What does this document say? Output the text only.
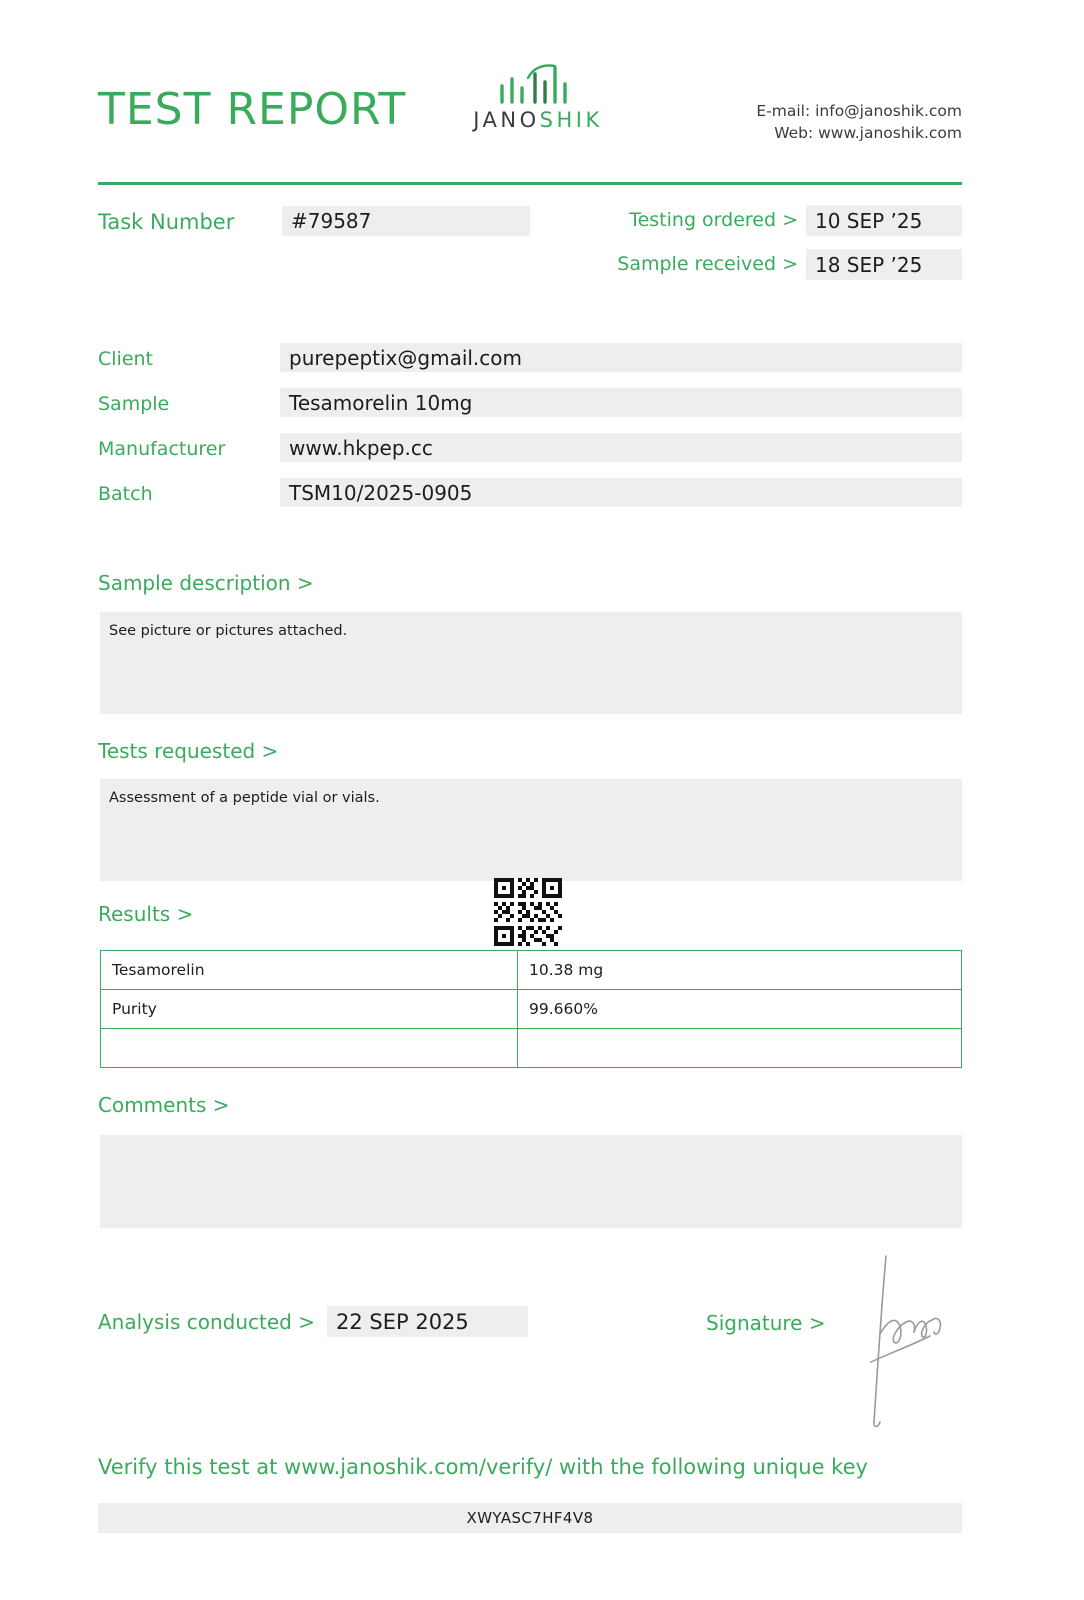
TEST REPORT	JANOSHIK	E-mail: info@janoshik.com
Web: www.janoshik.com
Task Number	#79587	Testing ordered > 10 SEP ’25
Sample received > 18 SEP ’25
Client	purepeptix@gmail.com
Sample	Tesamorelin 10mg
Manufacturer	www.hkpep.cc
Batch	TSM10/2025-0905
Sample description >
See picture or pictures attached.
Tests requested >
Assessment of a peptide vial or vials.
Results >
Tesamorelin	10.38 mg
Purity	99.660%

Comments >
Analysis conducted >	22 SEP 2025	Signature >
Verify this test at www.janoshik.com/verify/ with the following unique key
XWYASC7HF4V8
